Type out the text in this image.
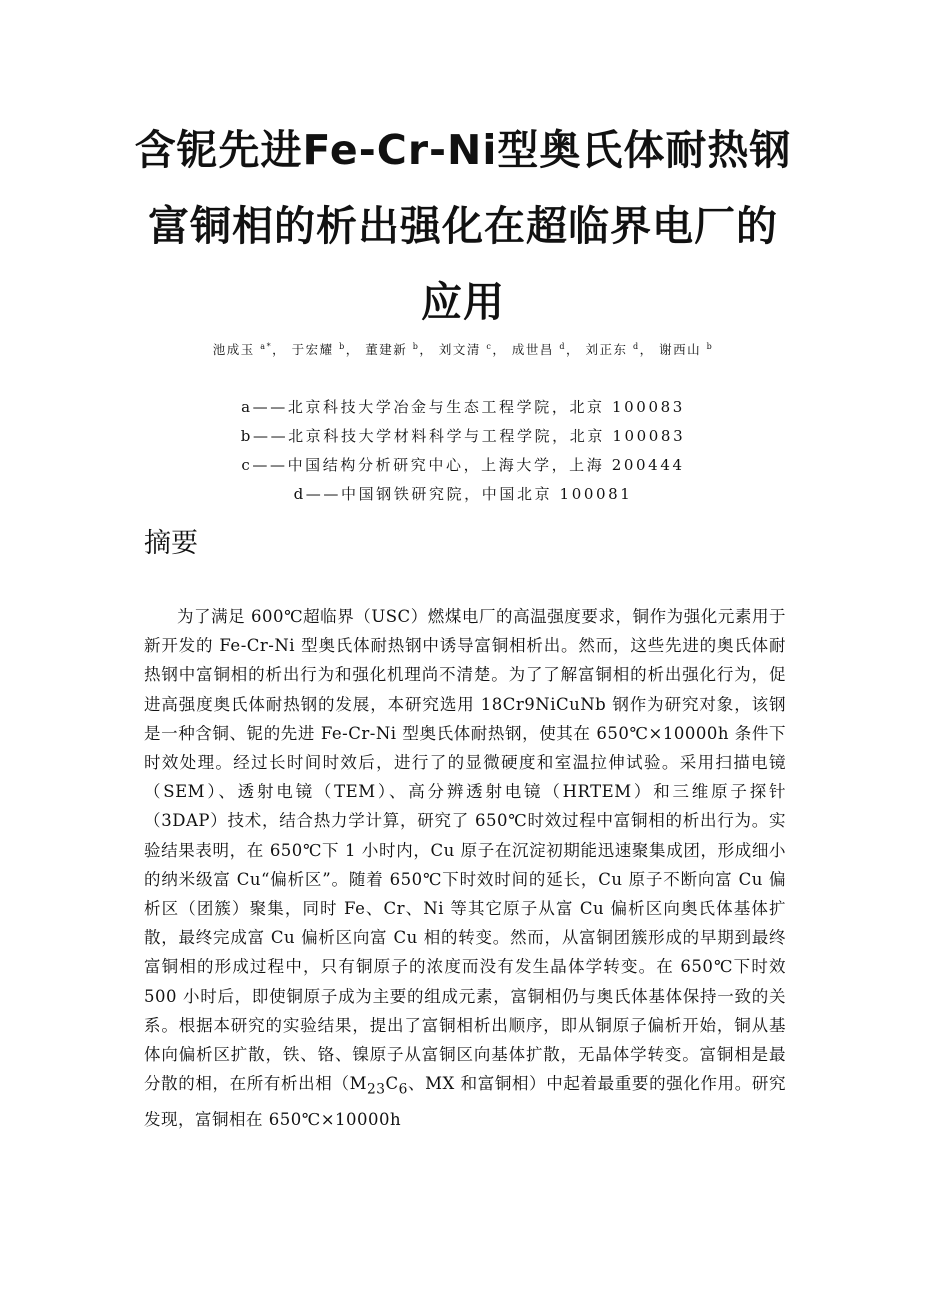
含铌先进Fe-Cr-Ni型奥氏体耐热钢
富铜相的析出强化在超临界电厂的
应用

池成玉 $^{a*}$， 于宏耀 $^b$， 董建新 $^b$， 刘文清 $^c$， 成世昌 $^d$， 刘正东 $^d$， 谢西山 $^b$

a——北京科技大学冶金与生态工程学院，北京 100083
b——北京科技大学材料科学与工程学院，北京 100083
c——中国结构分析研究中心，上海大学，上海 200444
d——中国钢铁研究院，中国北京 100081
摘要

为了满足 600℃超临界（USC）燃煤电厂的高温强度要求，铜作为强化元素用于新开发的 Fe-Cr-Ni 型奥氏体耐热钢中诱导富铜相析出。然而，这些先进的奥氏体耐热钢中富铜相的析出行为和强化机理尚不清楚。为了了解富铜相的析出强化行为，促进高强度奥氏体耐热钢的发展，本研究选用 18Cr9NiCuNb 钢作为研究对象，该钢是一种含铜、铌的先进 Fe-Cr-Ni 型奥氏体耐热钢，使其在 650℃×10000h 条件下时效处理。经过长时间时效后，进行了的显微硬度和室温拉伸试验。采用扫描电镜（SEM）、透射电镜（TEM）、高分辨透射电镜（HRTEM）和三维原子探针（3DAP）技术，结合热力学计算，研究了 650℃时效过程中富铜相的析出行为。实验结果表明，在 650℃下 1 小时内，Cu 原子在沉淀初期能迅速聚集成团，形成细小的纳米级富 Cu“偏析区”。随着 650℃下时效时间的延长，Cu 原子不断向富 Cu 偏析区（团簇）聚集，同时 Fe、Cr、Ni 等其它原子从富 Cu 偏析区向奥氏体基体扩散，最终完成富 Cu 偏析区向富 Cu 相的转变。然而，从富铜团簇形成的早期到最终富铜相的形成过程中，只有铜原子的浓度而没有发生晶体学转变。在 650℃下时效 500 小时后，即使铜原子成为主要的组成元素，富铜相仍与奥氏体基体保持一致的关系。根据本研究的实验结果，提出了富铜相析出顺序，即从铜原子偏析开始，铜从基体向偏析区扩散，铁、铬、镍原子从富铜区向基体扩散，无晶体学转变。富铜相是最分散的相，在所有析出相（$M_{23}C_6$、MX 和富铜相）中起着最重要的强化作用。研究发现，富铜相在 650℃×10000h
